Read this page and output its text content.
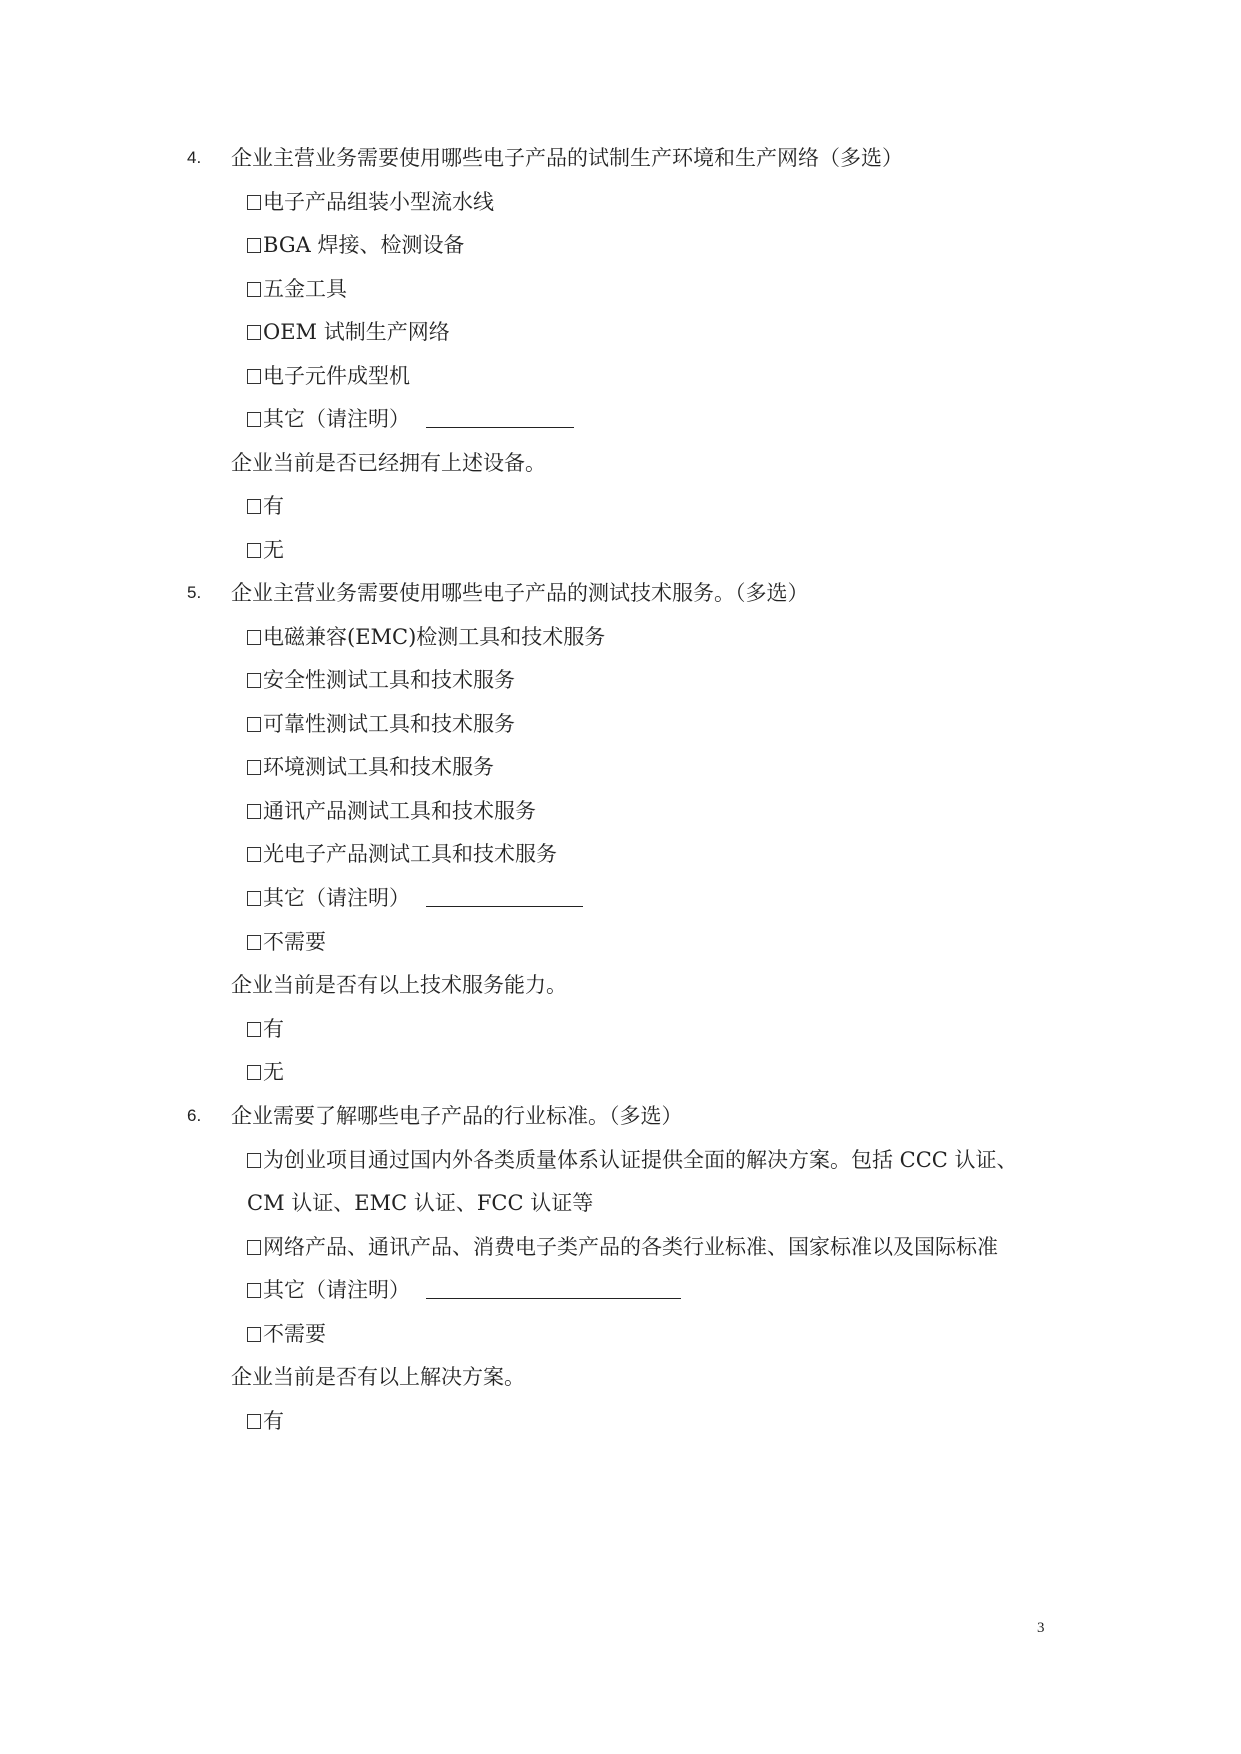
4. 企业主营业务需要使用哪些电子产品的试制生产环境和生产网络（多选）
电子产品组装小型流水线
BGA 焊接、检测设备
五金工具
OEM 试制生产网络
电子元件成型机
其它（请注明）
企业当前是否已经拥有上述设备。
有
无
5. 企业主营业务需要使用哪些电子产品的测试技术服务。（多选）
电磁兼容(EMC)检测工具和技术服务
安全性测试工具和技术服务
可靠性测试工具和技术服务
环境测试工具和技术服务
通讯产品测试工具和技术服务
光电子产品测试工具和技术服务
其它（请注明）
不需要
企业当前是否有以上技术服务能力。
有
无
6. 企业需要了解哪些电子产品的行业标准。（多选）
为创业项目通过国内外各类质量体系认证提供全面的解决方案。包括 CCC 认证、
CM 认证、EMC 认证、FCC 认证等
网络产品、通讯产品、消费电子类产品的各类行业标准、国家标准以及国际标准
其它（请注明）
不需要
企业当前是否有以上解决方案。
有
3
